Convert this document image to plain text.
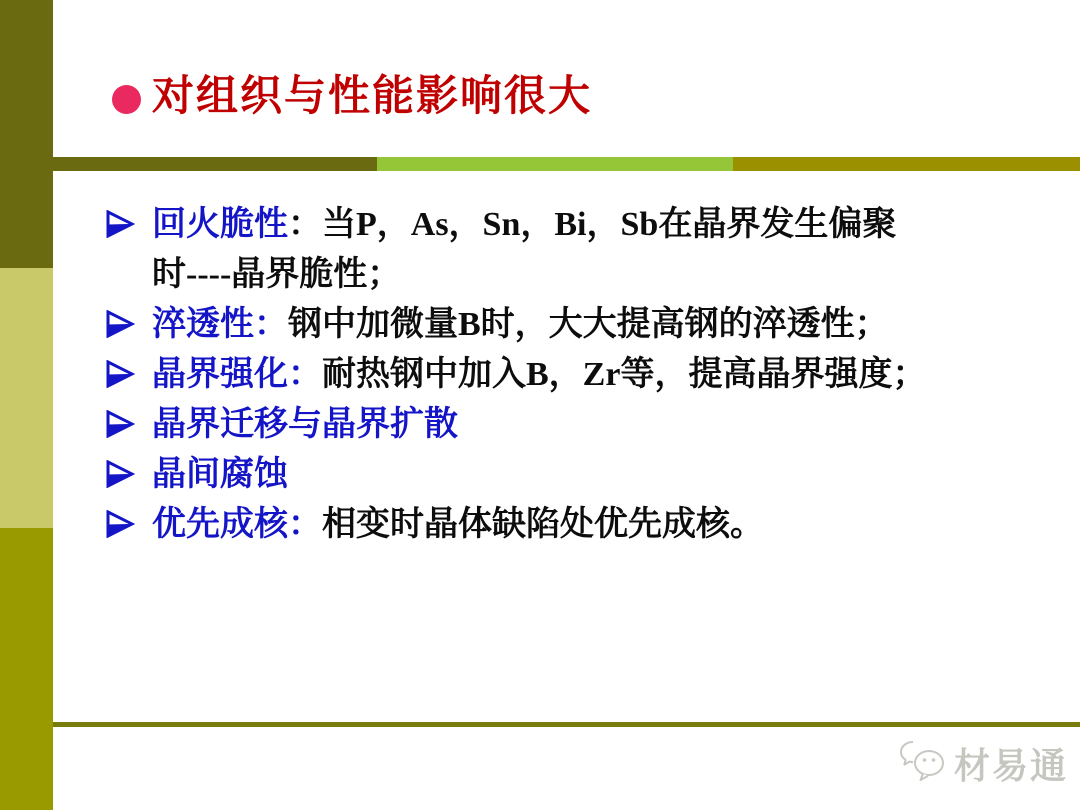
对组织与性能影响很大
回火脆性：当P，As，Sn，Bi，Sb在晶界发生偏聚
时----晶界脆性；
淬透性：钢中加微量B时，大大提高钢的淬透性；
晶界强化：耐热钢中加入B，Zr等，提高晶界强度；
晶界迁移与晶界扩散
晶间腐蚀
优先成核：相变时晶体缺陷处优先成核。
材易通
